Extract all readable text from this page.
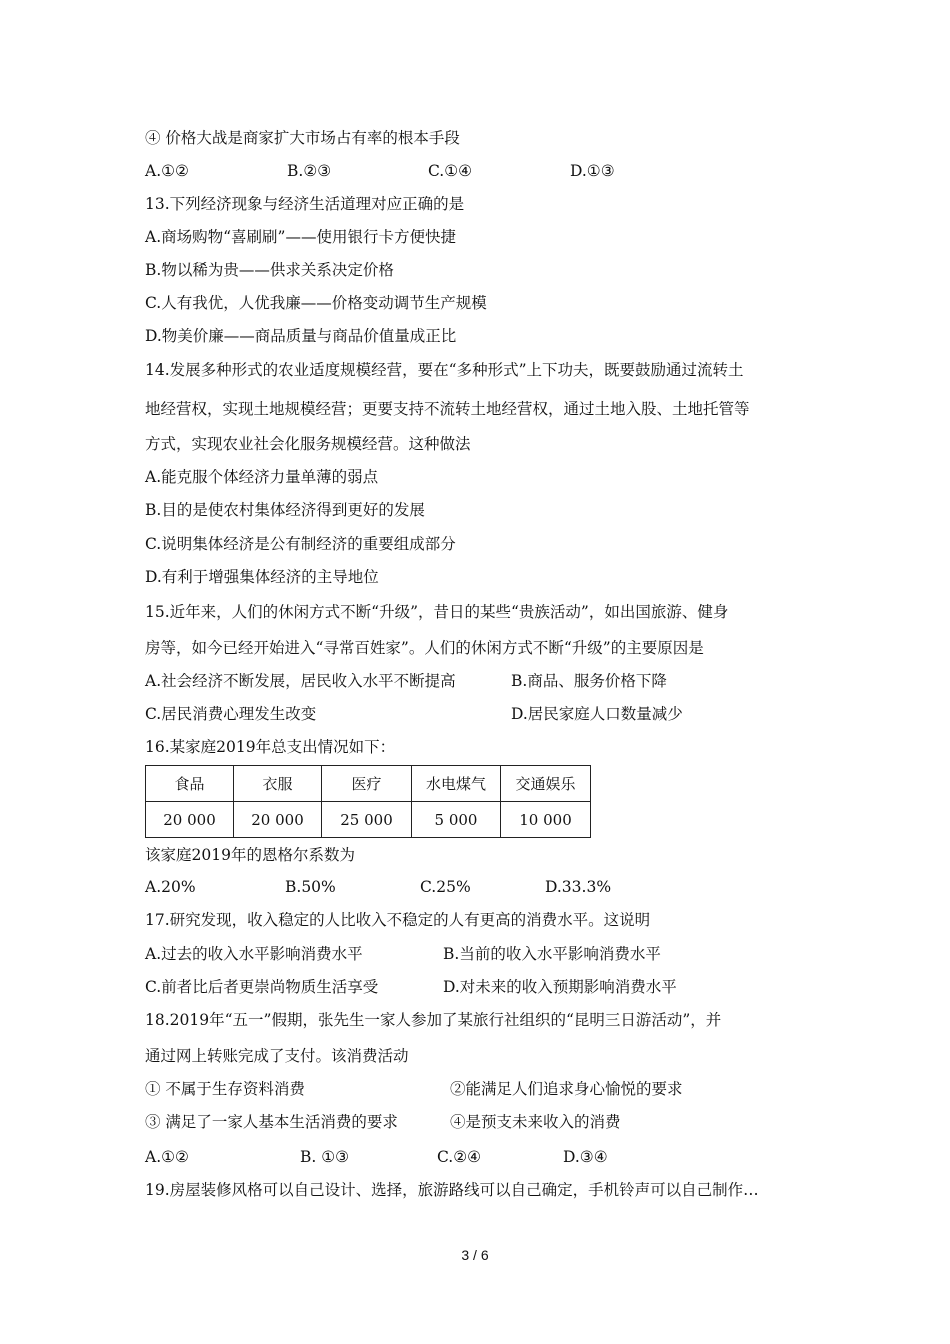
④ 价格大战是商家扩大市场占有率的根本手段
A.①②	B.②③	C.①④	D.①③
13.下列经济现象与经济生活道理对应正确的是
A.商场购物“喜刷刷”——使用银行卡方便快捷
B.物以稀为贵——供求关系决定价格
C.人有我优，人优我廉——价格变动调节生产规模
D.物美价廉——商品质量与商品价值量成正比
14.发展多种形式的农业适度规模经营，要在“多种形式”上下功夫，既要鼓励通过流转土
地经营权，实现土地规模经营；更要支持不流转土地经营权，通过土地入股、土地托管等
方式，实现农业社会化服务规模经营。这种做法
A.能克服个体经济力量单薄的弱点
B.目的是使农村集体经济得到更好的发展
C.说明集体经济是公有制经济的重要组成部分
D.有利于增强集体经济的主导地位
15.近年来，人们的休闲方式不断“升级”，昔日的某些“贵族活动”，如出国旅游、健身
房等，如今已经开始进入“寻常百姓家”。人们的休闲方式不断“升级”的主要原因是
A.社会经济不断发展，居民收入水平不断提高	B.商品、服务价格下降
C.居民消费心理发生改变	D.居民家庭人口数量减少
16.某家庭2019年总支出情况如下：
食品	衣服	医疗	水电煤气	交通娱乐
20 000	20 000	25 000	5 000	10 000
该家庭2019年的恩格尔系数为
A.20%	B.50%	C.25%	D.33.3%
17.研究发现，收入稳定的人比收入不稳定的人有更高的消费水平。这说明
A.过去的收入水平影响消费水平	B.当前的收入水平影响消费水平
C.前者比后者更崇尚物质生活享受	D.对未来的收入预期影响消费水平
18.2019年“五一”假期，张先生一家人参加了某旅行社组织的“昆明三日游活动”，并
通过网上转账完成了支付。该消费活动
① 不属于生存资料消费	②能满足人们追求身心愉悦的要求
③ 满足了一家人基本生活消费的要求	④是预支未来收入的消费
A.①②	B. ①③	C.②④	D.③④
19.房屋装修风格可以自己设计、选择，旅游路线可以自己确定，手机铃声可以自己制作…
3 / 6
